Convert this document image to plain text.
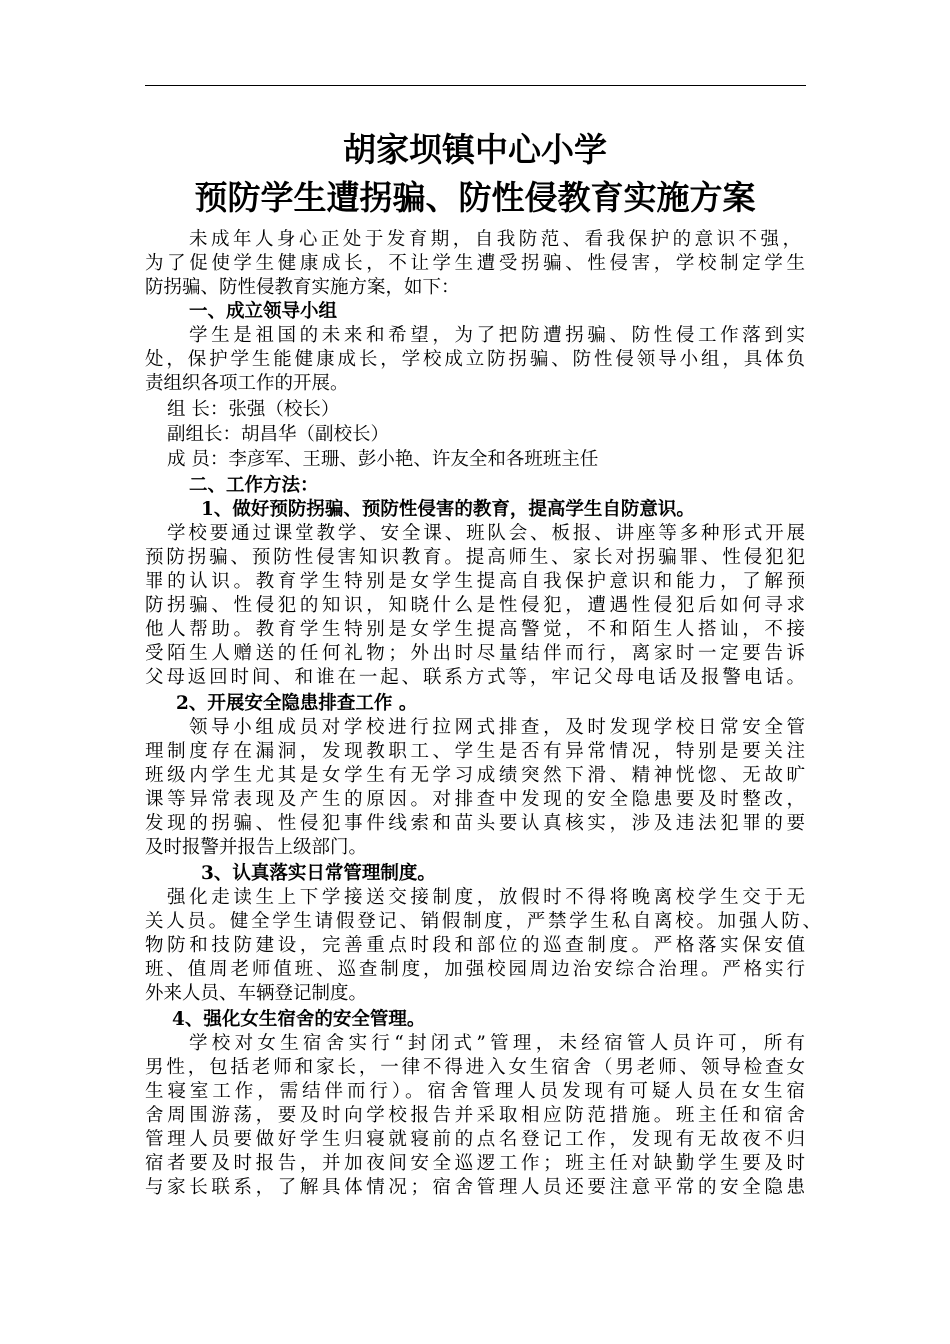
胡家坝镇中心小学
预防学生遭拐骗、防性侵教育实施方案
未成年人身心正处于发育期，自我防范、看我保护的意识不强，
为了促使学生健康成长，不让学生遭受拐骗、性侵害，学校制定学生
防拐骗、防性侵教育实施方案，如下：
一、成立领导小组
学生是祖国的未来和希望，为了把防遭拐骗、防性侵工作落到实
处，保护学生能健康成长，学校成立防拐骗、防性侵领导小组，具体负
责组织各项工作的开展。
组 长：张强（校长）
副组长：胡昌华（副校长）
成 员：李彦军、王珊、彭小艳、许友全和各班班主任
二、工作方法：
1、做好预防拐骗、预防性侵害的教育，提高学生自防意识。
学校要通过课堂教学、安全课、班队会、板报、讲座等多种形式开展
预防拐骗、预防性侵害知识教育。提高师生、家长对拐骗罪、性侵犯犯
罪的认识。教育学生特别是女学生提高自我保护意识和能力，了解预
防拐骗、性侵犯的知识，知晓什么是性侵犯，遭遇性侵犯后如何寻求
他人帮助。教育学生特别是女学生提高警觉，不和陌生人搭讪，不接
受陌生人赠送的任何礼物；外出时尽量结伴而行，离家时一定要告诉
父母返回时间、和谁在一起、联系方式等，牢记父母电话及报警电话。
2、开展安全隐患排查工作 。
领导小组成员对学校进行拉网式排查，及时发现学校日常安全管
理制度存在漏洞，发现教职工、学生是否有异常情况，特别是要关注
班级内学生尤其是女学生有无学习成绩突然下滑、精神恍惚、无故旷
课等异常表现及产生的原因。对排查中发现的安全隐患要及时整改，
发现的拐骗、性侵犯事件线索和苗头要认真核实，涉及违法犯罪的要
及时报警并报告上级部门。
3、认真落实日常管理制度。
强化走读生上下学接送交接制度，放假时不得将晚离校学生交于无
关人员。健全学生请假登记、销假制度，严禁学生私自离校。加强人防、
物防和技防建设，完善重点时段和部位的巡查制度。严格落实保安值
班、值周老师值班、巡查制度，加强校园周边治安综合治理。严格实行
外来人员、车辆登记制度。
4、强化女生宿舍的安全管理。
学校对女生宿舍实行“封闭式”管理，未经宿管人员许可，所有
男性，包括老师和家长，一律不得进入女生宿舍（男老师、领导检查女
生寝室工作，需结伴而行）。宿舍管理人员发现有可疑人员在女生宿
舍周围游荡，要及时向学校报告并采取相应防范措施。班主任和宿舍
管理人员要做好学生归寝就寝前的点名登记工作，发现有无故夜不归
宿者要及时报告，并加夜间安全巡逻工作；班主任对缺勤学生要及时
与家长联系，了解具体情况；宿舍管理人员还要注意平常的安全隐患
